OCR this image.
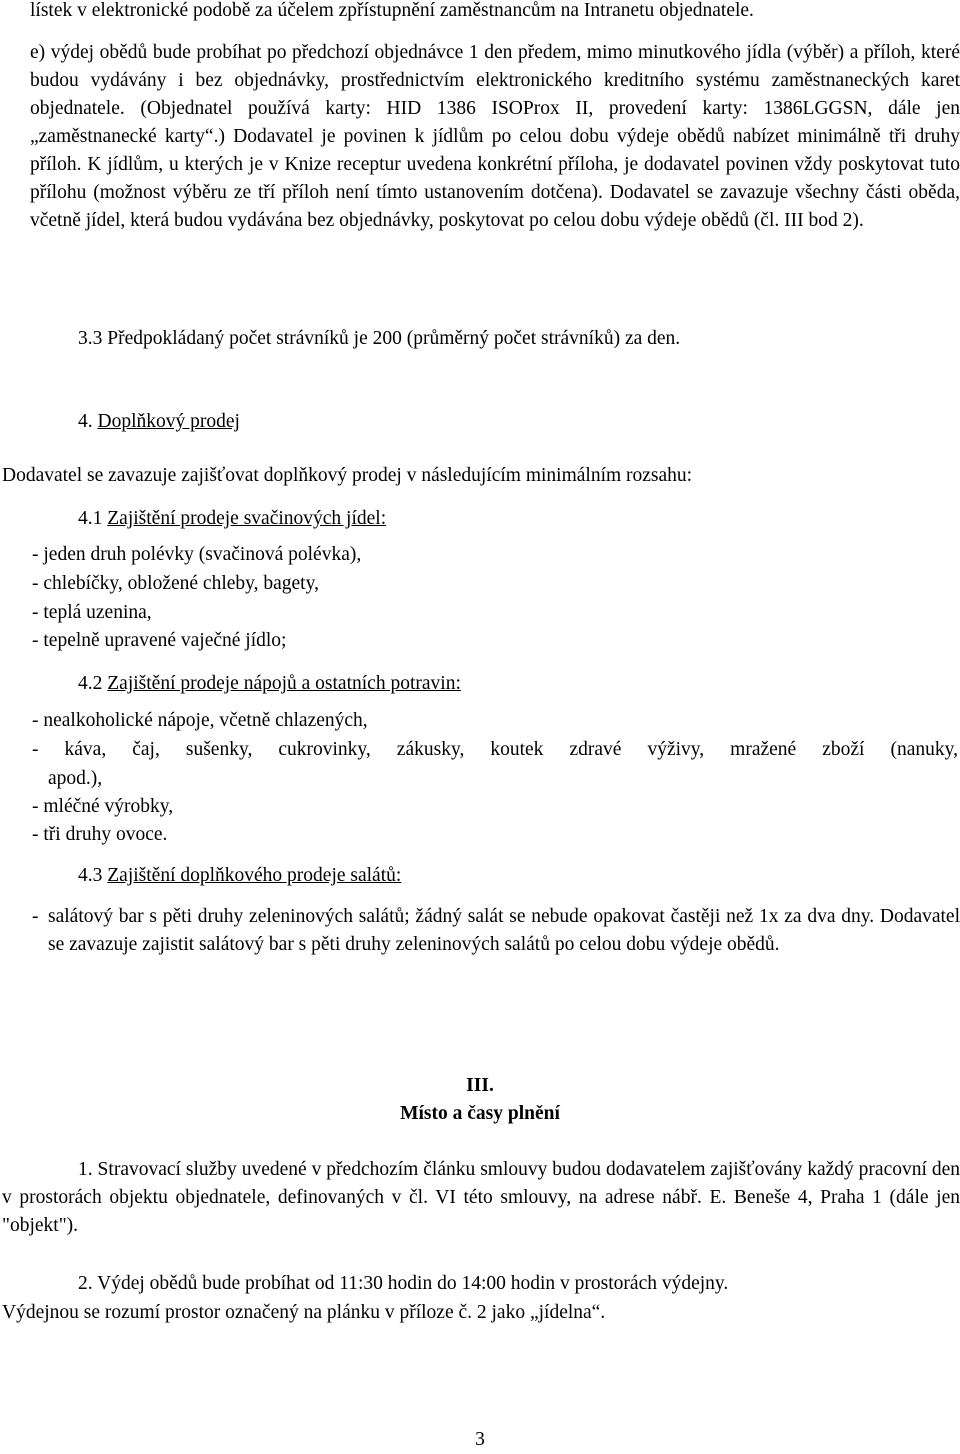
lístek v elektronické podobě za účelem zpřístupnění zaměstnancům na Intranetu objednatele.

e) výdej obědů bude probíhat po předchozí objednávce 1 den předem, mimo minutkového jídla (výběr) a příloh, které budou vydávány i bez objednávky, prostřednictvím elektronického kreditního systému zaměstnaneckých karet objednatele. (Objednatel používá karty: HID 1386 ISOProx II, provedení karty: 1386LGGSN, dále jen „zaměstnanecké karty“.) Dodavatel je povinen k jídlům po celou dobu výdeje obědů nabízet minimálně tři druhy příloh. K jídlům, u kterých je v Knize receptur uvedena konkrétní příloha, je dodavatel povinen vždy poskytovat tuto přílohu (možnost výběru ze tří příloh není tímto ustanovením dotčena). Dodavatel se zavazuje všechny části oběda, včetně jídel, která budou vydávána bez objednávky, poskytovat po celou dobu výdeje obědů (čl. III bod 2).

3.3 Předpokládaný počet strávníků je 200 (průměrný počet strávníků) za den.

4. Doplňkový prodej

Dodavatel se zavazuje zajišťovat doplňkový prodej v následujícím minimálním rozsahu:

4.1 Zajištění prodeje svačinových jídel:

- jeden druh polévky (svačinová polévka),

- chlebíčky, obložené chleby, bagety,

- teplá uzenina,

- tepelně upravené vaječné jídlo;

4.2 Zajištění prodeje nápojů a ostatních potravin:

- nealkoholické nápoje, včetně chlazených,

- káva, čaj, sušenky, cukrovinky, zákusky, koutek zdravé výživy, mražené zboží (nanuky,

apod.),

- mléčné výrobky,

- tři druhy ovoce.

4.3 Zajištění doplňkového prodeje salátů:

- salátový bar s pěti druhy zeleninových salátů; žádný salát se nebude opakovat častěji než 1x za dva dny. Dodavatel se zavazuje zajistit salátový bar s pěti druhy zeleninových salátů po celou dobu výdeje obědů.

III.

Místo a časy plnění

1. Stravovací služby uvedené v předchozím článku smlouvy budou dodavatelem zajišťovány každý pracovní den v prostorách objektu objednatele, definovaných v čl. VI této smlouvy, na adrese nábř. E. Beneše 4, Praha 1 (dále jen "objekt").

2. Výdej obědů bude probíhat od 11:30 hodin do 14:00 hodin v prostorách výdejny.

Výdejnou se rozumí prostor označený na plánku v příloze č. 2 jako „jídelna“.

3
